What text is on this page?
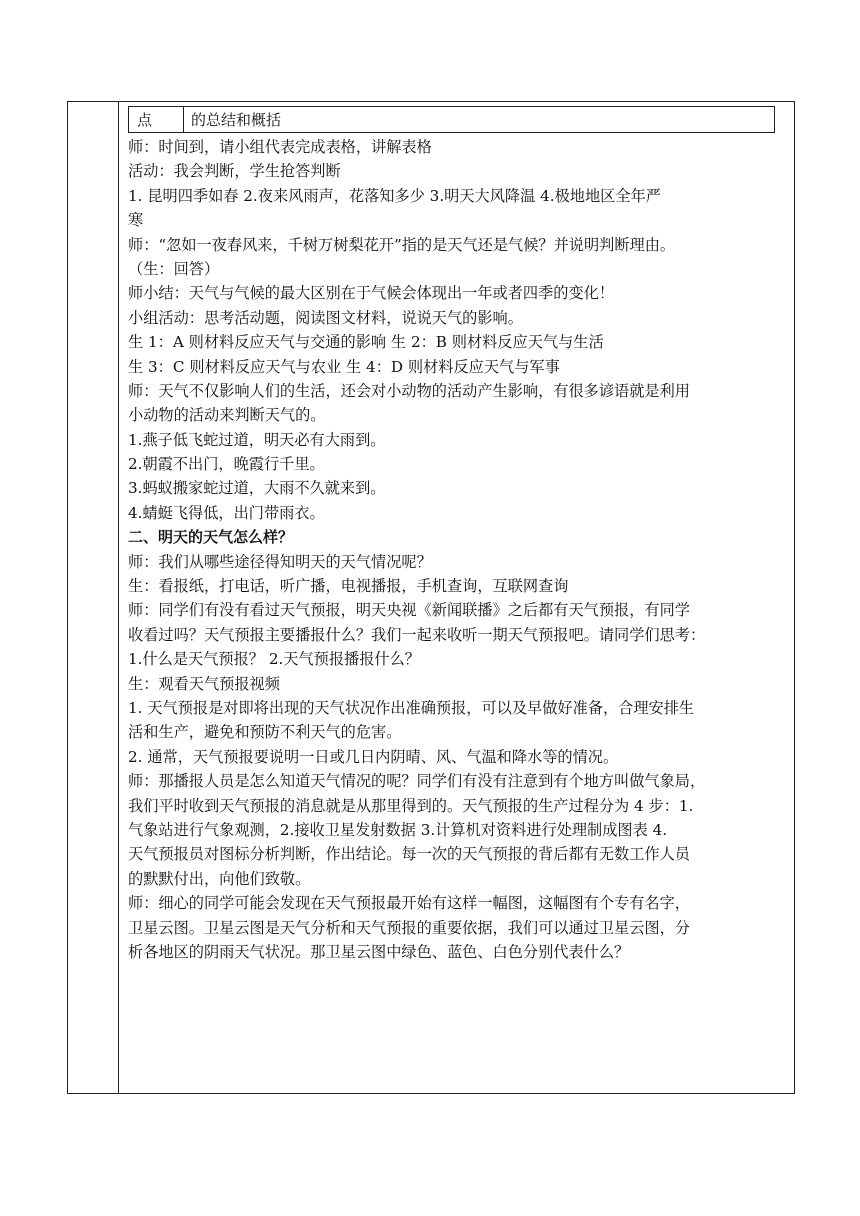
点	的总结和概括
师：时间到，请小组代表完成表格，讲解表格
活动：我会判断，学生抢答判断
1. 昆明四季如春 2.夜来风雨声，花落知多少 3.明天大风降温 4.极地地区全年严
寒
师：“忽如一夜春风来，千树万树梨花开”指的是天气还是气候？并说明判断理由。
（生：回答）
师小结：天气与气候的最大区别在于气候会体现出一年或者四季的变化！
小组活动：思考活动题，阅读图文材料，说说天气的影响。
生 1：A 则材料反应天气与交通的影响 生 2：B 则材料反应天气与生活
生 3：C 则材料反应天气与农业 生 4：D 则材料反应天气与军事
师：天气不仅影响人们的生活，还会对小动物的活动产生影响，有很多谚语就是利用
小动物的活动来判断天气的。
1.燕子低飞蛇过道，明天必有大雨到。
2.朝霞不出门，晚霞行千里。
3.蚂蚁搬家蛇过道，大雨不久就来到。
4.蜻蜓飞得低，出门带雨衣。
二、明天的天气怎么样？
师：我们从哪些途径得知明天的天气情况呢？
生：看报纸，打电话，听广播，电视播报，手机查询，互联网查询
师：同学们有没有看过天气预报，明天央视《新闻联播》之后都有天气预报，有同学
收看过吗？天气预报主要播报什么？我们一起来收听一期天气预报吧。请同学们思考：
1.什么是天气预报？ 2.天气预报播报什么？
生：观看天气预报视频
1. 天气预报是对即将出现的天气状况作出准确预报，可以及早做好准备，合理安排生
活和生产，避免和预防不利天气的危害。
2. 通常，天气预报要说明一日或几日内阴晴、风、气温和降水等的情况。
师：那播报人员是怎么知道天气情况的呢？同学们有没有注意到有个地方叫做气象局，
我们平时收到天气预报的消息就是从那里得到的。天气预报的生产过程分为 4 步：1.
气象站进行气象观测，2.接收卫星发射数据 3.计算机对资料进行处理制成图表 4.
天气预报员对图标分析判断，作出结论。每一次的天气预报的背后都有无数工作人员
的默默付出，向他们致敬。
师：细心的同学可能会发现在天气预报最开始有这样一幅图，这幅图有个专有名字，
卫星云图。卫星云图是天气分析和天气预报的重要依据，我们可以通过卫星云图，分
析各地区的阴雨天气状况。那卫星云图中绿色、蓝色、白色分别代表什么？
